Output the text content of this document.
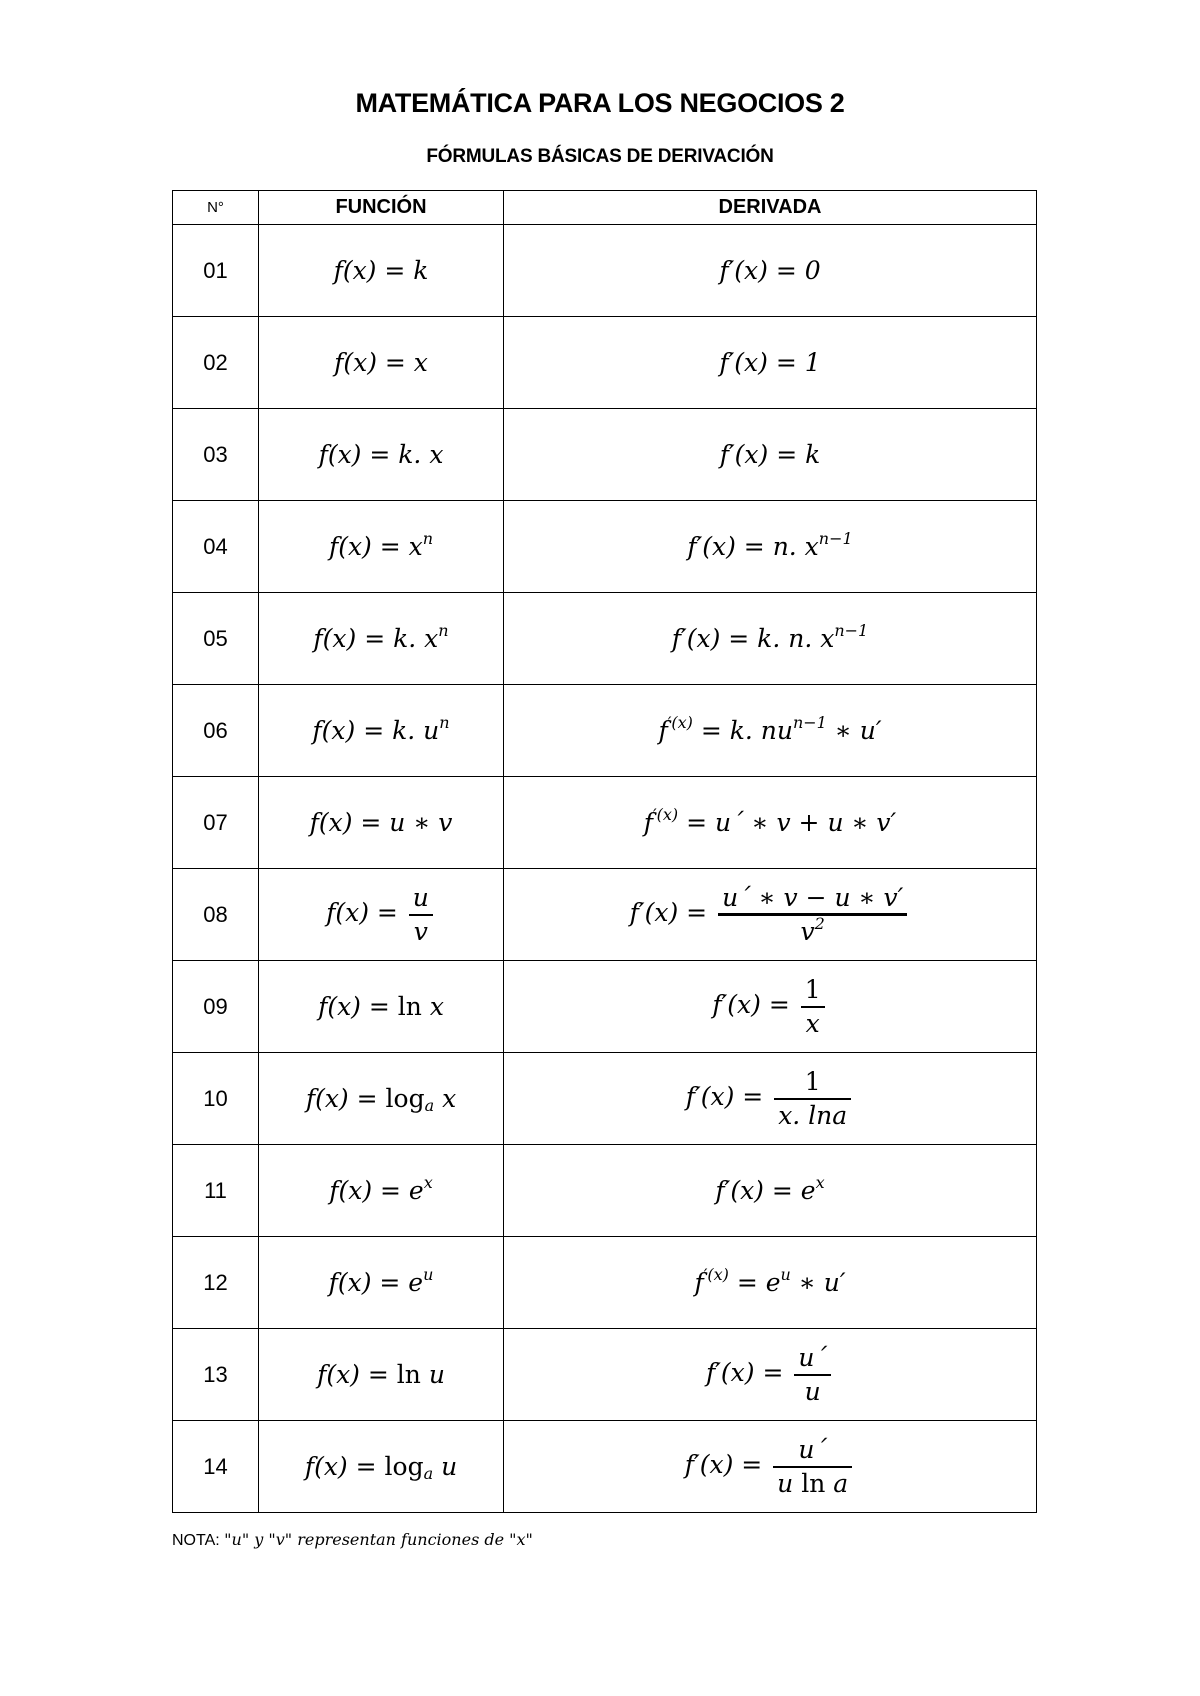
MATEMÁTICA PARA LOS NEGOCIOS 2
FÓRMULAS BÁSICAS DE DERIVACIÓN
N°	FUNCIÓN	DERIVADA
01	f(x) = k	f′(x) = 0
02	f(x) = x	f′(x) = 1
03	f(x) = k. x	f′(x) = k
04	$f(x) = x^n$	f′(x) = n. $x^{n-1}$
05	f(x) = k. $x^n$	f′(x) = k. n. $x^{n-1}$
06	f(x) = k. $u^n$	$f^{'(x)} = k$. $nu^{n-1}$ ∗ u′
07	f(x) = u ∗ v	$f^{'(x)}$ = u´ ∗ v + u ∗ v′
08	$f(x) = \frac{u}{v}$	$f'(x) = \frac{u´ ∗ v - u ∗ v'}{v^2}$

09	f(x) = ln x	$f'(x) = \frac{1}{x}$

10	$f(x) = \log_a x$	$f'(x) = \frac{1}{x. \ln a}$

11	$f(x) = e^x$	$f'(x) = e^x$
12	$f(x) = e^u$	$f^{'(x)} = e^u$ ∗ u′
13	f(x) = ln u	$f'(x) = \frac{u´}{u}$

14	$f(x) = \log_a u$	$f'(x) = \frac{u´}{\text{u ln a}}$
NOTA: "u" y "v" representan funciones de "x"
